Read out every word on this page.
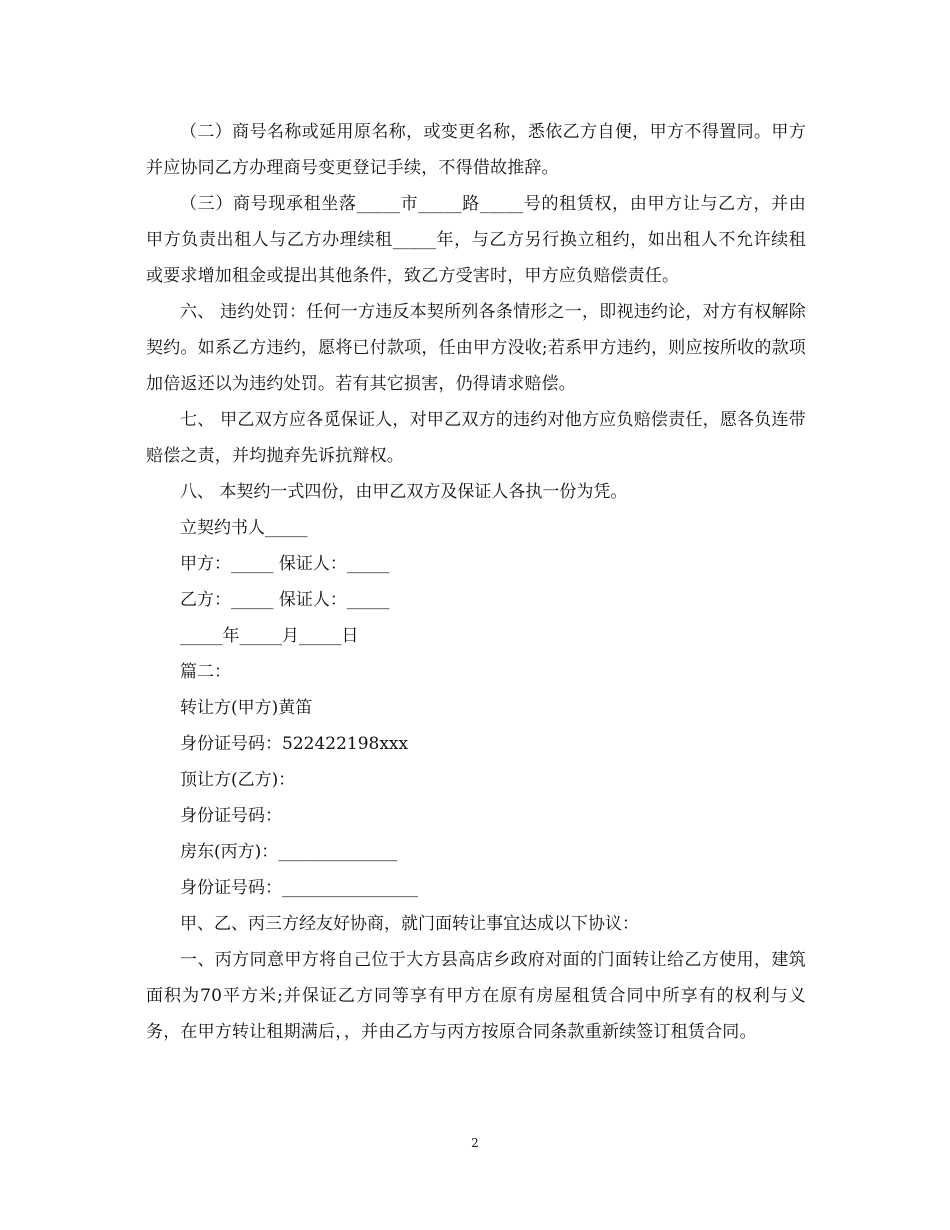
（二）商号名称或延用原名称，或变更名称，悉依乙方自便，甲方不得置同。甲方并应协同乙方办理商号变更登记手续，不得借故推辞。

（三）商号现承租坐落_____市_____路_____号的租赁权，由甲方让与乙方，并由甲方负责出租人与乙方办理续租_____年，与乙方另行换立租约，如出租人不允许续租或要求增加租金或提出其他条件，致乙方受害时，甲方应负赔偿责任。

六、 违约处罚：任何一方违反本契所列各条情形之一，即视违约论，对方有权解除契约。如系乙方违约，愿将已付款项，任由甲方没收;若系甲方违约，则应按所收的款项加倍返还以为违约处罚。若有其它损害，仍得请求赔偿。

七、 甲乙双方应各觅保证人，对甲乙双方的违约对他方应负赔偿责任，愿各负连带赔偿之责，并均抛弃先诉抗辩权。

八、 本契约一式四份，由甲乙双方及保证人各执一份为凭。

立契约书人_____

甲方：_____ 保证人：_____

乙方：_____ 保证人：_____

_____年_____月_____日

篇二：

转让方(甲方)黄笛

身份证号码：522422198xxx

顶让方(乙方)：

身份证号码：

房东(丙方)：______________

身份证号码：________________

甲、乙、丙三方经友好协商，就门面转让事宜达成以下协议：

一、丙方同意甲方将自己位于大方县高店乡政府对面的门面转让给乙方使用，建筑面积为70平方米;并保证乙方同等享有甲方在原有房屋租赁合同中所享有的权利与义务，在甲方转让租期满后，，并由乙方与丙方按原合同条款重新续签订租赁合同。

2
